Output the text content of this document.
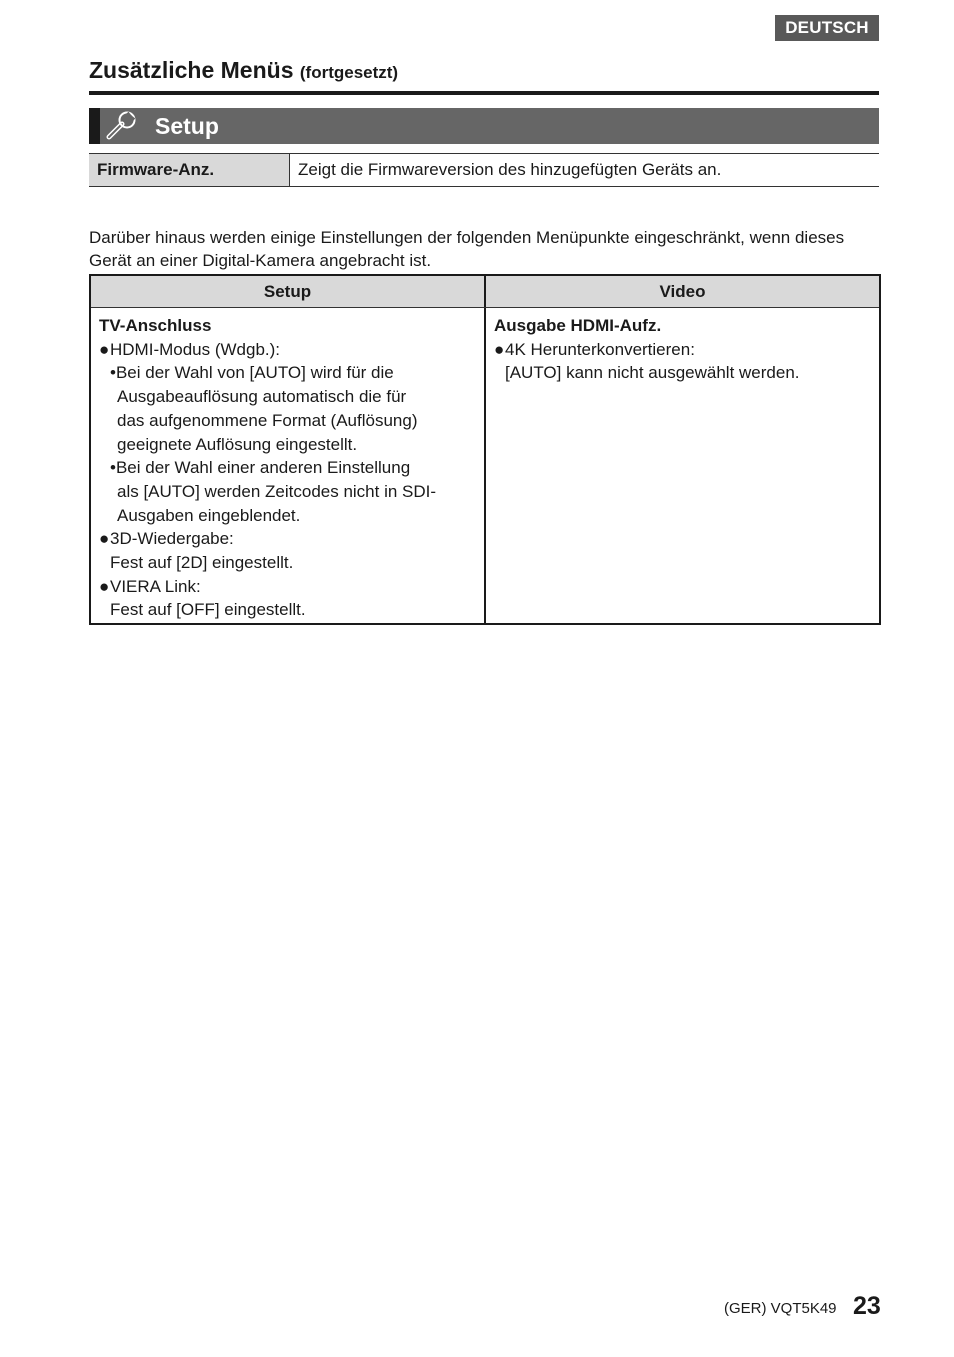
DEUTSCH
Zusätzliche Menüs (fortgesetzt)
Setup
Firmware-Anz.	Zeigt die Firmwareversion des hinzugefügten Geräts an.
Darüber hinaus werden einige Einstellungen der folgenden Menüpunkte eingeschränkt, wenn dieses Gerät an einer Digital-Kamera angebracht ist.
Setup	Video
TV-Anschluss
●HDMI-Modus (Wdgb.):
•Bei der Wahl von [AUTO] wird für die
Ausgabeauflösung automatisch die für
das aufgenommene Format (Auflösung)
geeignete Auflösung eingestellt.
•Bei der Wahl einer anderen Einstellung
als [AUTO] werden Zeitcodes nicht in SDI-
Ausgaben eingeblendet.
●3D-Wiedergabe:
Fest auf [2D] eingestellt.
●VIERA Link:
Fest auf [OFF] eingestellt.
Ausgabe HDMI-Aufz.
●4K Herunterkonvertieren:
[AUTO] kann nicht ausgewählt werden.
(GER) VQT5K49 23
